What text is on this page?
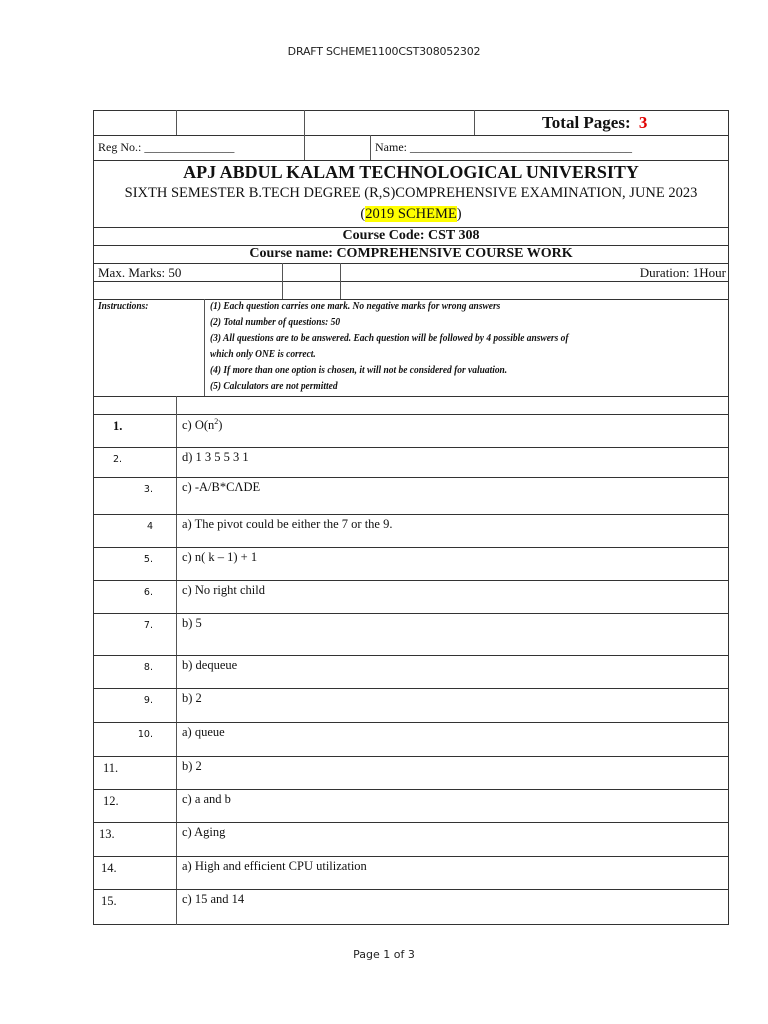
DRAFT SCHEME1100CST308052302
Total Pages: 3
Reg No.: _______________	Name: _____________________________________
APJ ABDUL KALAM TECHNOLOGICAL UNIVERSITY
SIXTH SEMESTER B.TECH DEGREE (R,S)COMPREHENSIVE EXAMINATION, JUNE 2023
(2019 SCHEME)
Course Code: CST 308
Course name: COMPREHENSIVE COURSE WORK
Max. Marks: 50	Duration: 1Hour
Instructions:	(1) Each question carries one mark. No negative marks for wrong answers
(2) Total number of questions: 50
(3) All questions are to be answered. Each question will be followed by 4 possible answers of
which only ONE is correct.
(4) If more than one option is chosen, it will not be considered for valuation.
(5) Calculators are not permitted
1.	c) $O(n^2)$
2.	d) 1 3 5 5 3 1
3. c) -A/B*CΛDE
4 a) The pivot could be either the 7 or the 9.
5. c) n( k – 1) + 1
6. c) No right child
7. b) 5
8. b) dequeue
9. b) 2
10. a) queue
11.	b) 2
12.	c) a and b
13.	c) Aging
14.	a) High and efficient CPU utilization
15.	c) 15 and 14
Page 1 of 3
